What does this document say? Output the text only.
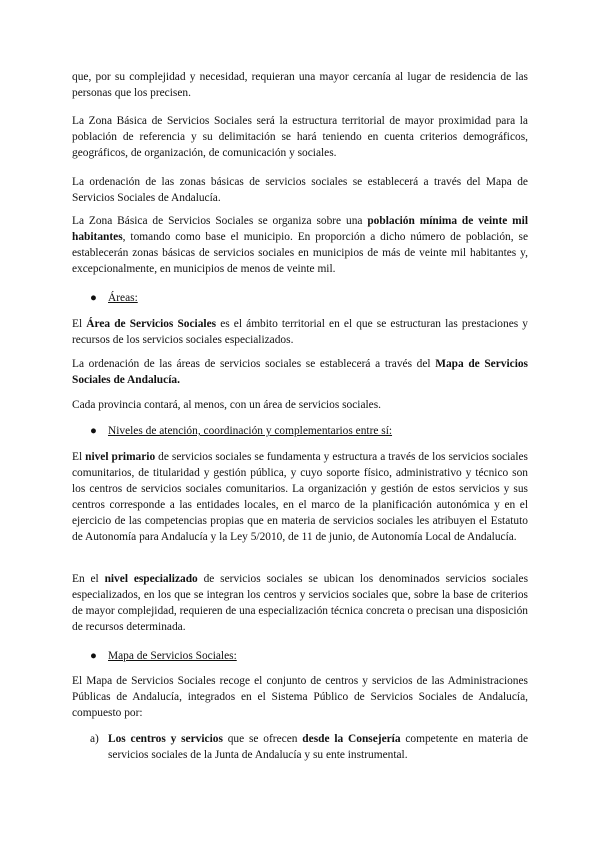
que, por su complejidad y necesidad, requieran una mayor cercanía al lugar de residencia de las personas que los precisen.

La Zona Básica de Servicios Sociales será la estructura territorial de mayor proximidad para la población de referencia y su delimitación se hará teniendo en cuenta criterios demográficos, geográficos, de organización, de comunicación y sociales.

La ordenación de las zonas básicas de servicios sociales se establecerá a través del Mapa de Servicios Sociales de Andalucía.

La Zona Básica de Servicios Sociales se organiza sobre una población mínima de veinte mil habitantes, tomando como base el municipio. En proporción a dicho número de población, se establecerán zonas básicas de servicios sociales en municipios de más de veinte mil habitantes y, excepcionalmente, en municipios de menos de veinte mil.

● Áreas:

El Área de Servicios Sociales es el ámbito territorial en el que se estructuran las prestaciones y recursos de los servicios sociales especializados.

La ordenación de las áreas de servicios sociales se establecerá a través del Mapa de Servicios Sociales de Andalucía.

Cada provincia contará, al menos, con un área de servicios sociales.

● Niveles de atención, coordinación y complementarios entre sí:

El nivel primario de servicios sociales se fundamenta y estructura a través de los servicios sociales comunitarios, de titularidad y gestión pública, y cuyo soporte físico, administrativo y técnico son los centros de servicios sociales comunitarios. La organización y gestión de estos servicios y sus centros corresponde a las entidades locales, en el marco de la planificación autonómica y en el ejercicio de las competencias propias que en materia de servicios sociales les atribuyen el Estatuto de Autonomía para Andalucía y la Ley 5/2010, de 11 de junio, de Autonomía Local de Andalucía.

En el nivel especializado de servicios sociales se ubican los denominados servicios sociales especializados, en los que se integran los centros y servicios sociales que, sobre la base de criterios de mayor complejidad, requieren de una especialización técnica concreta o precisan una disposición de recursos determinada.

● Mapa de Servicios Sociales:

El Mapa de Servicios Sociales recoge el conjunto de centros y servicios de las Administraciones Públicas de Andalucía, integrados en el Sistema Público de Servicios Sociales de Andalucía, compuesto por:

a) Los centros y servicios que se ofrecen desde la Consejería competente en materia de servicios sociales de la Junta de Andalucía y su ente instrumental.
